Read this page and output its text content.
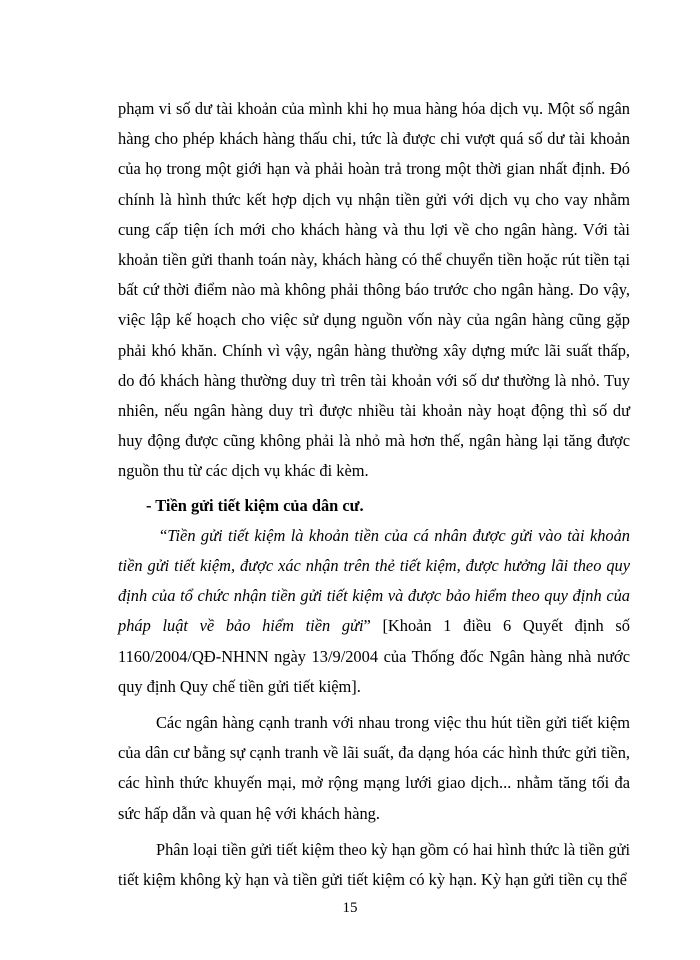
phạm vi số dư tài khoản của mình khi họ mua hàng hóa dịch vụ. Một số ngân hàng cho phép khách hàng thấu chi, tức là được chi vượt quá số dư tài khoản của họ trong một giới hạn và phải hoàn trả trong một thời gian nhất định. Đó chính là hình thức kết hợp dịch vụ nhận tiền gửi với dịch vụ cho vay nhằm cung cấp tiện ích mới cho khách hàng và thu lợi về cho ngân hàng. Với tài khoản tiền gửi thanh toán này, khách hàng có thể chuyển tiền hoặc rút tiền tại bất cứ thời điểm nào mà không phải thông báo trước cho ngân hàng. Do vậy, việc lập kế hoạch cho việc sử dụng nguồn vốn này của ngân hàng cũng gặp phải khó khăn. Chính vì vậy, ngân hàng thường xây dựng mức lãi suất thấp, do đó khách hàng thường duy trì trên tài khoản với số dư thường là nhỏ. Tuy nhiên, nếu ngân hàng duy trì được nhiều tài khoản này hoạt động thì số dư huy động được cũng không phải là nhỏ mà hơn thế, ngân hàng lại tăng được nguồn thu từ các dịch vụ khác đi kèm.

- Tiền gửi tiết kiệm của dân cư.

“Tiền gửi tiết kiệm là khoản tiền của cá nhân được gửi vào tài khoản tiền gửi tiết kiệm, được xác nhận trên thẻ tiết kiệm, được hưởng lãi theo quy định của tổ chức nhận tiền gửi tiết kiệm và được bảo hiểm theo quy định của pháp luật về bảo hiểm tiền gửi” [Khoản 1 điều 6 Quyết định số 1160/2004/QĐ-NHNN ngày 13/9/2004 của Thống đốc Ngân hàng nhà nước quy định Quy chế tiền gửi tiết kiệm].

Các ngân hàng cạnh tranh với nhau trong việc thu hút tiền gửi tiết kiệm của dân cư bằng sự cạnh tranh về lãi suất, đa dạng hóa các hình thức gửi tiền, các hình thức khuyến mại, mở rộng mạng lưới giao dịch... nhằm tăng tối đa sức hấp dẫn và quan hệ với khách hàng.

Phân loại tiền gửi tiết kiệm theo kỳ hạn gồm có hai hình thức là tiền gửi tiết kiệm không kỳ hạn và tiền gửi tiết kiệm có kỳ hạn. Kỳ hạn gửi tiền cụ thể

15
